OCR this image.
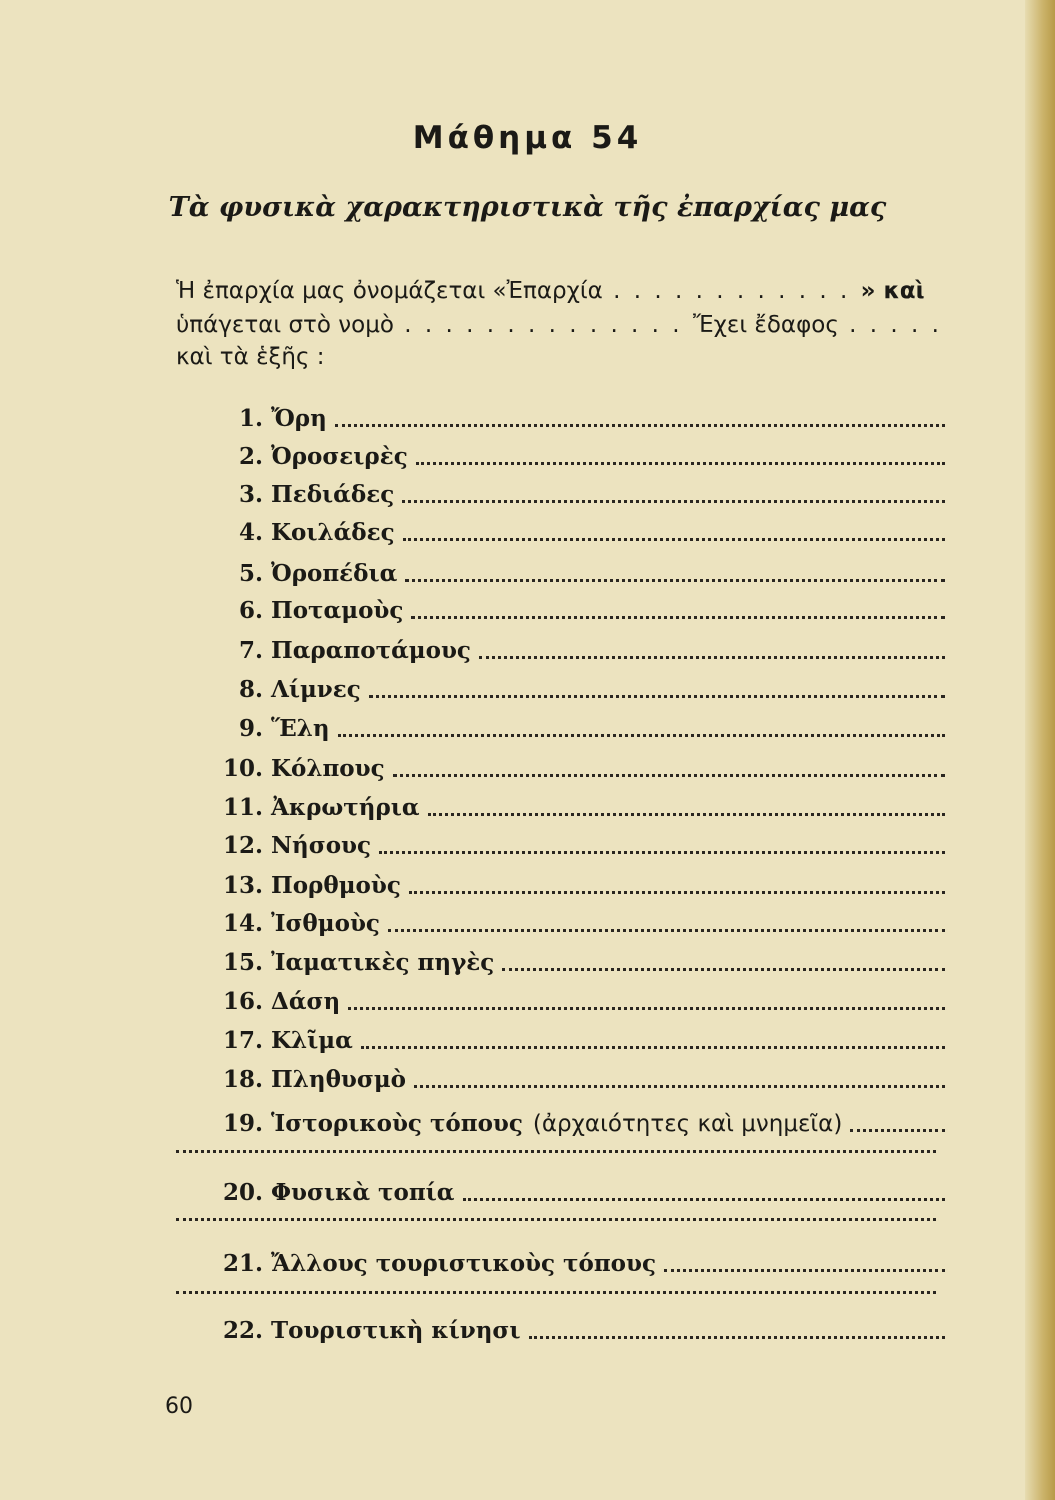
Μάθημα 54
Τὰ φυσικὰ χαρακτηριστικὰ τῆς ἐπαρχίας μας
Ἡ ἐπαρχία μας ὀνομάζεται «Ἐπαρχία . . . . . . . . . . . . » καὶ
ὑπάγεται στὸ νομὸ . . . . . . . . . . . . . . Ἔχει ἔδαφος . . . . .
καὶ τὰ ἑξῆς :
1. Ὄρη
2. Ὀροσειρὲς
3. Πεδιάδες
4. Κοιλάδες
5. Ὀροπέδια
6. Ποταμοὺς
7. Παραποτάμους
8. Λίμνες
9. Ἕλη
10. Κόλπους
11. Ἀκρωτήρια
12. Νήσους
13. Πορθμοὺς
14. Ἰσθμοὺς
15. Ἰαματικὲς πηγὲς
16. Δάση
17. Κλῖμα
18. Πληθυσμὸ
19. Ἱστορικοὺς τόπους (ἀρχαιότητες καὶ μνημεῖα)
20. Φυσικὰ τοπία
21. Ἄλλους τουριστικοὺς τόπους
22. Τουριστικὴ κίνησι
60
